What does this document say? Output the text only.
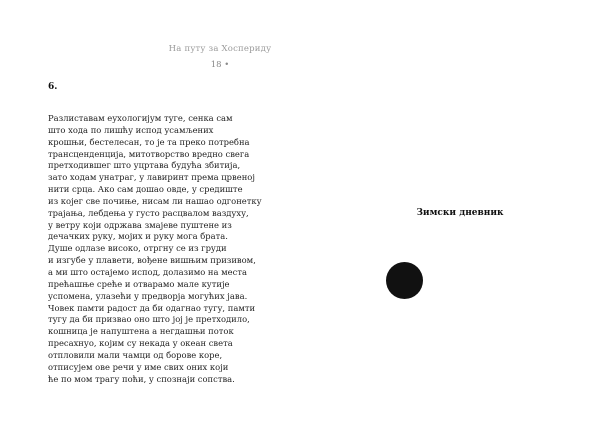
На путу за Хоспериду
18 •
6.
Разлиставам еухологијум туге, сенка сам
што хода по лишћу испод усамљених
крошњи, бестелесан, то је та преко потребна
трансценденција, митотворство вредно свега
претходившег што уцртава будућа збитија,
зато ходам унатраг, у лавиринт према црвеној
нити срца. Ако сам дошао овде, у средиште
из којег све почиње, нисам ли нашао одгонетку
трајања, лебдења у густо расцвалом ваздуху,
у ветру који одржава змајеве пуштене из
дечачких руку, мојих и руку мога брата.
Душе одлазе високо, отргну се из груди
и изгубе у плавети, вођене вишњим призивом,
а ми што остајемо испод, долазимо на места
прећашње среће и отварамо мале кутије
успомена, улазећи у предворја могућих јава.
Човек памти радост да би одагнао тугу, памти
тугу да би призвао оно што јој је претходило,
кошница је напуштена а негдашњи поток
пресахнуо, којим су некада у океан света
отпловили мали чамци од борове коре,
отписујем ове речи у име свих оних који
ће по мом трагу поћи, у спознаји сопства.
Зимски дневник
